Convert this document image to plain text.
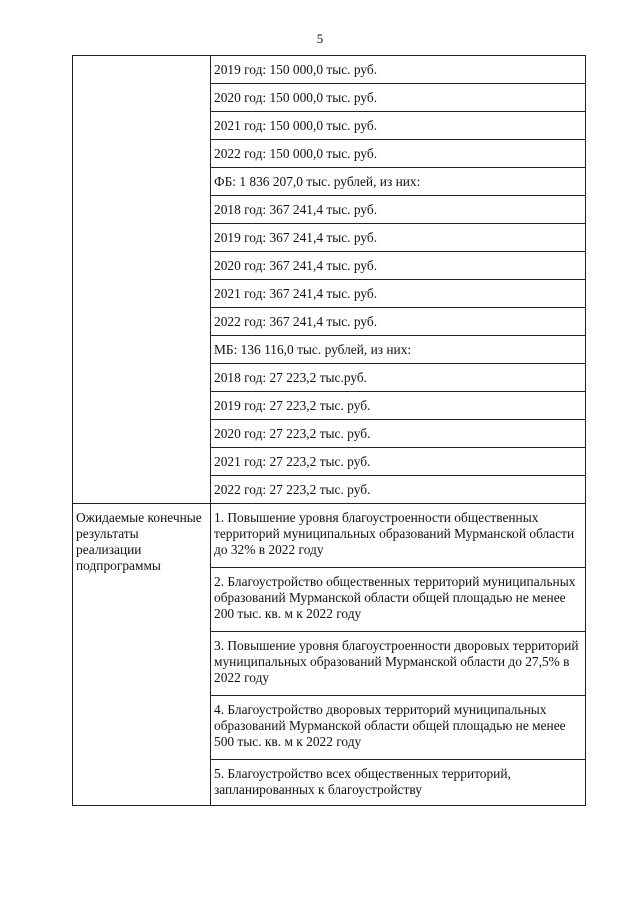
5
	2019 год: 150 000,0 тыс. руб.
	2020 год: 150 000,0 тыс. руб.
	2021 год: 150 000,0 тыс. руб.
	2022 год: 150 000,0 тыс. руб.
	ФБ: 1 836 207,0 тыс. рублей, из них:
	2018 год: 367 241,4 тыс. руб.
	2019 год: 367 241,4 тыс. руб.
	2020 год: 367 241,4 тыс. руб.
	2021 год: 367 241,4 тыс. руб.
	2022 год: 367 241,4 тыс. руб.
	МБ: 136 116,0 тыс. рублей, из них:
	2018 год: 27 223,2 тыс.руб.
	2019 год: 27 223,2 тыс. руб.
	2020 год: 27 223,2 тыс. руб.
	2021 год: 27 223,2 тыс. руб.
	2022 год: 27 223,2 тыс. руб.
Ожидаемые конечные результаты реализации подпрограммы	1. Повышение уровня благоустроенности общественных территорий муниципальных образований Мурманской области до 32% в 2022 году
	2. Благоустройство общественных территорий муниципальных образований Мурманской области общей площадью не менее 200 тыс. кв. м к 2022 году
	3. Повышение уровня благоустроенности дворовых территорий муниципальных образований Мурманской области до 27,5% в 2022 году
	4. Благоустройство дворовых территорий муниципальных образований Мурманской области общей площадью не менее 500 тыс. кв. м к 2022 году
	5. Благоустройство всех общественных территорий, запланированных к благоустройству
